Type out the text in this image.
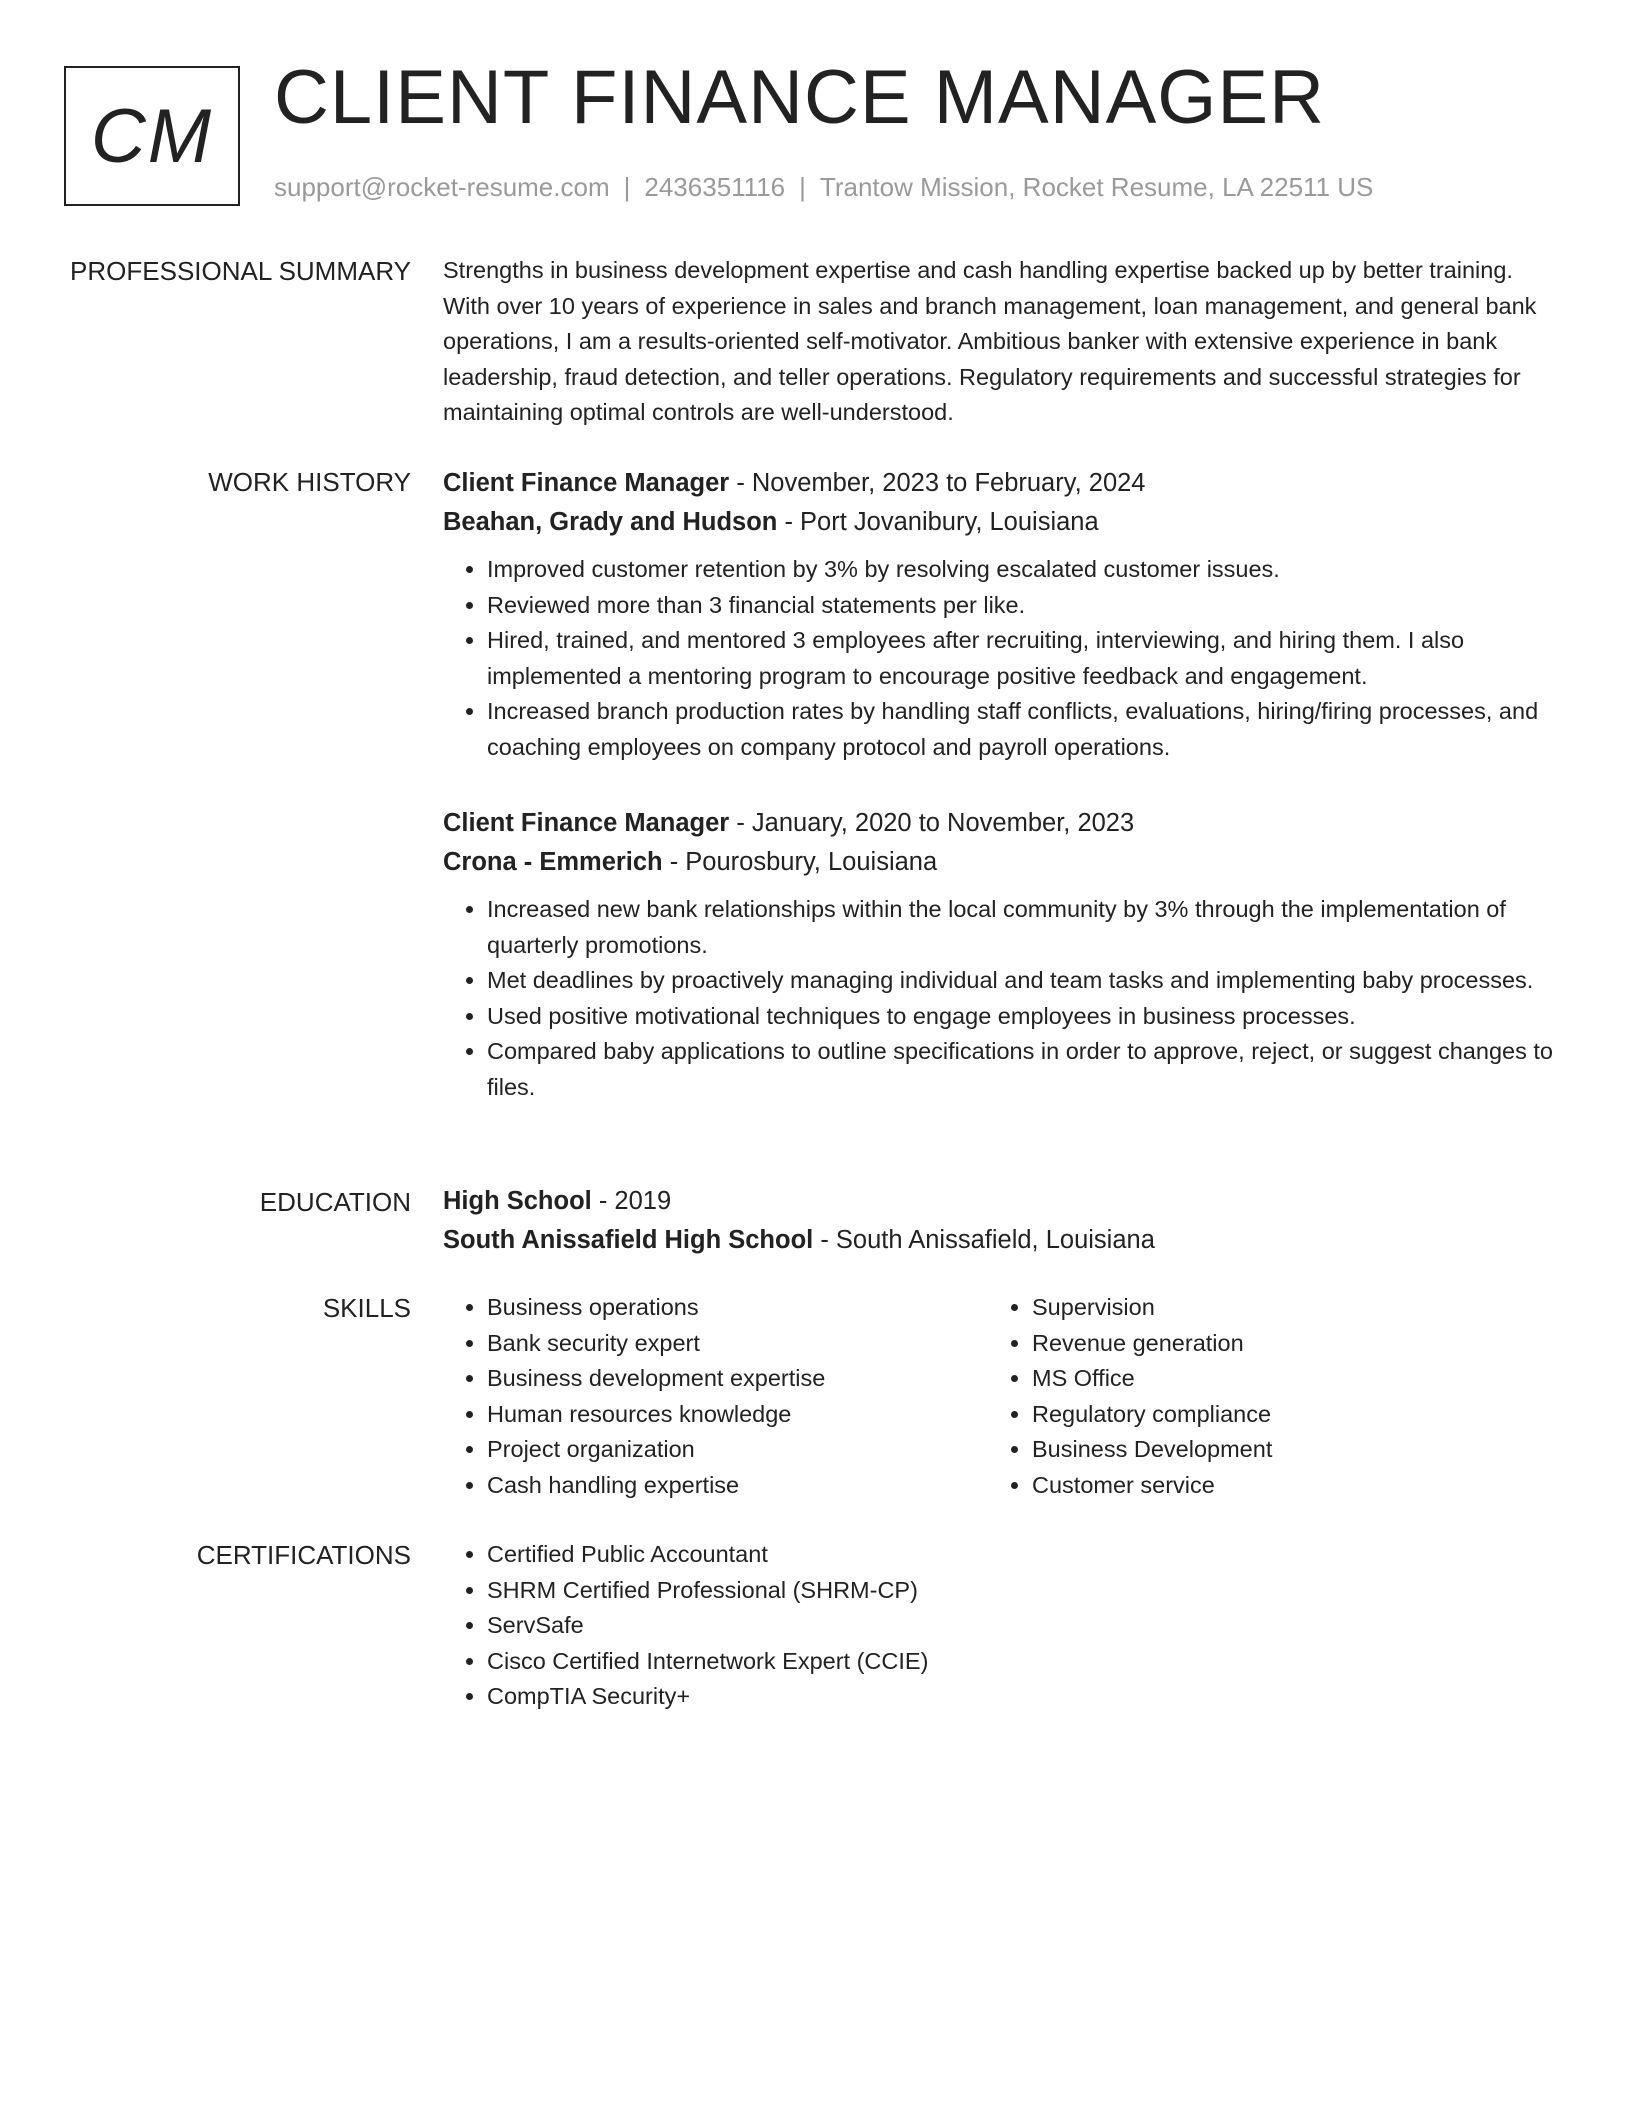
CM CLIENT FINANCE MANAGER
support@rocket-resume.com | 2436351116 | Trantow Mission, Rocket Resume, LA 22511 US
PROFESSIONAL SUMMARY Strengths in business development expertise and cash handling expertise backed up by better training. With over 10 years of experience in sales and branch management, loan management, and general bank operations, I am a results-oriented self-motivator. Ambitious banker with extensive experience in bank leadership, fraud detection, and teller operations. Regulatory requirements and successful strategies for maintaining optimal controls are well-understood.

WORK HISTORY Client Finance Manager - November, 2023 to February, 2024
Beahan, Grady and Hudson - Port Jovanibury, Louisiana
• Improved customer retention by 3% by resolving escalated customer issues.
• Reviewed more than 3 financial statements per like.
• Hired, trained, and mentored 3 employees after recruiting, interviewing, and hiring them. I also implemented a mentoring program to encourage positive feedback and engagement.
• Increased branch production rates by handling staff conflicts, evaluations, hiring/firing processes, and coaching employees on company protocol and payroll operations.
Client Finance Manager - January, 2020 to November, 2023
Crona - Emmerich - Pourosbury, Louisiana
• Increased new bank relationships within the local community by 3% through the implementation of quarterly promotions.
• Met deadlines by proactively managing individual and team tasks and implementing baby processes.
• Used positive motivational techniques to engage employees in business processes.
• Compared baby applications to outline specifications in order to approve, reject, or suggest changes to files.
EDUCATION High School - 2019
South Anissafield High School - South Anissafield, Louisiana
SKILLS	• Business operations
• Bank security expert
• Business development expertise
• Human resources knowledge
• Project organization
• Cash handling expertise
• Supervision
• Revenue generation
• MS Office
• Regulatory compliance
• Business Development
• Customer service
CERTIFICATIONS	• Certified Public Accountant
• SHRM Certified Professional (SHRM-CP)
• ServSafe
• Cisco Certified Internetwork Expert (CCIE)
• CompTIA Security+
